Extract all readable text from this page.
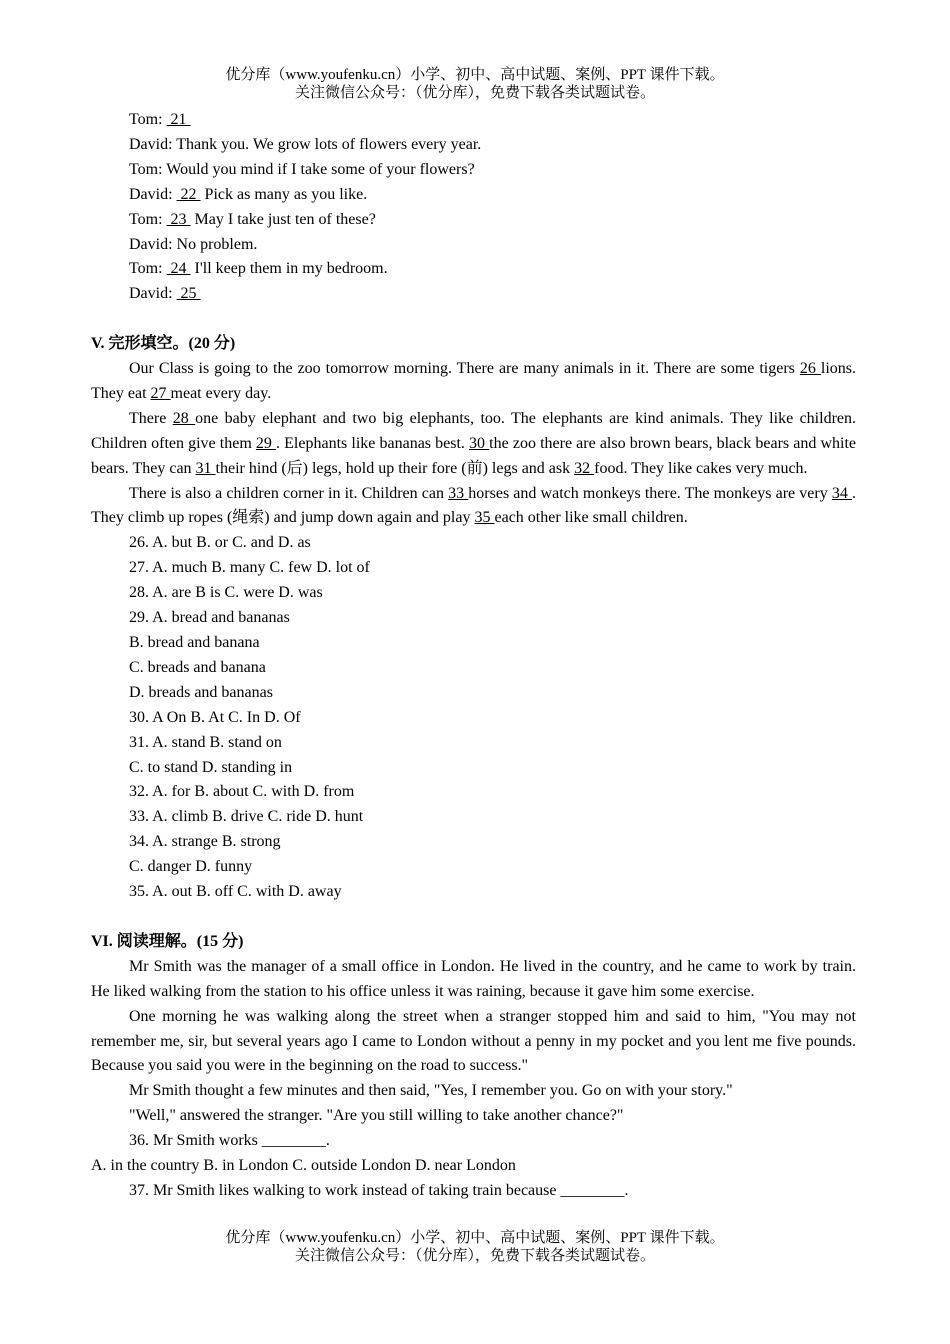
优分库（www.youfenku.cn）小学、初中、高中试题、案例、PPT 课件下载。
关注微信公众号：（优分库），免费下载各类试题试卷。

Tom:  21

David: Thank you. We grow lots of flowers every year.

Tom: Would you mind if I take some of your flowers?

David:  22  Pick as many as you like.

Tom:  23  May I take just ten of these?

David: No problem.

Tom:  24  I'll keep them in my bedroom.

David:  25

V. 完形填空。(20 分)

Our Class is going to the zoo tomorrow morning. There are many animals in it. There are some tigers 26 lions. They eat 27 meat every day.

There 28 one baby elephant and two big elephants, too. The elephants are kind animals. They like children. Children often give them 29 . Elephants like bananas best. 30 the zoo there are also brown bears, black bears and white bears. They can 31 their hind (后) legs, hold up their fore (前) legs and ask 32 food. They like cakes very much.

There is also a children corner in it. Children can 33 horses and watch monkeys there. The monkeys are very 34 . They climb up ropes (绳索) and jump down again and play 35 each other like small children.

26. A. but B. or C. and D. as

27. A. much B. many C. few D. lot of

28. A. are B is C. were D. was

29. A. bread and bananas

B. bread and banana

C. breads and banana

D. breads and bananas

30. A On B. At C. In D. Of

31. A. stand B. stand on

C. to stand D. standing in

32. A. for B. about C. with D. from

33. A. climb B. drive C. ride D. hunt

34. A. strange B. strong

C. danger D. funny

35. A. out B. off C. with D. away

VI. 阅读理解。(15 分)

Mr Smith was the manager of a small office in London. He lived in the country, and he came to work by train. He liked walking from the station to his office unless it was raining, because it gave him some exercise.

One morning he was walking along the street when a stranger stopped him and said to him, "You may not remember me, sir, but several years ago I came to London without a penny in my pocket and you lent me five pounds. Because you said you were in the beginning on the road to success."

Mr Smith thought a few minutes and then said, "Yes, I remember you. Go on with your story."

"Well," answered the stranger. "Are you still willing to take another chance?"

36. Mr Smith works ________.

A. in the country B. in London C. outside London D. near London

37. Mr Smith likes walking to work instead of taking train because ________.

优分库（www.youfenku.cn）小学、初中、高中试题、案例、PPT 课件下载。
关注微信公众号：（优分库），免费下载各类试题试卷。
